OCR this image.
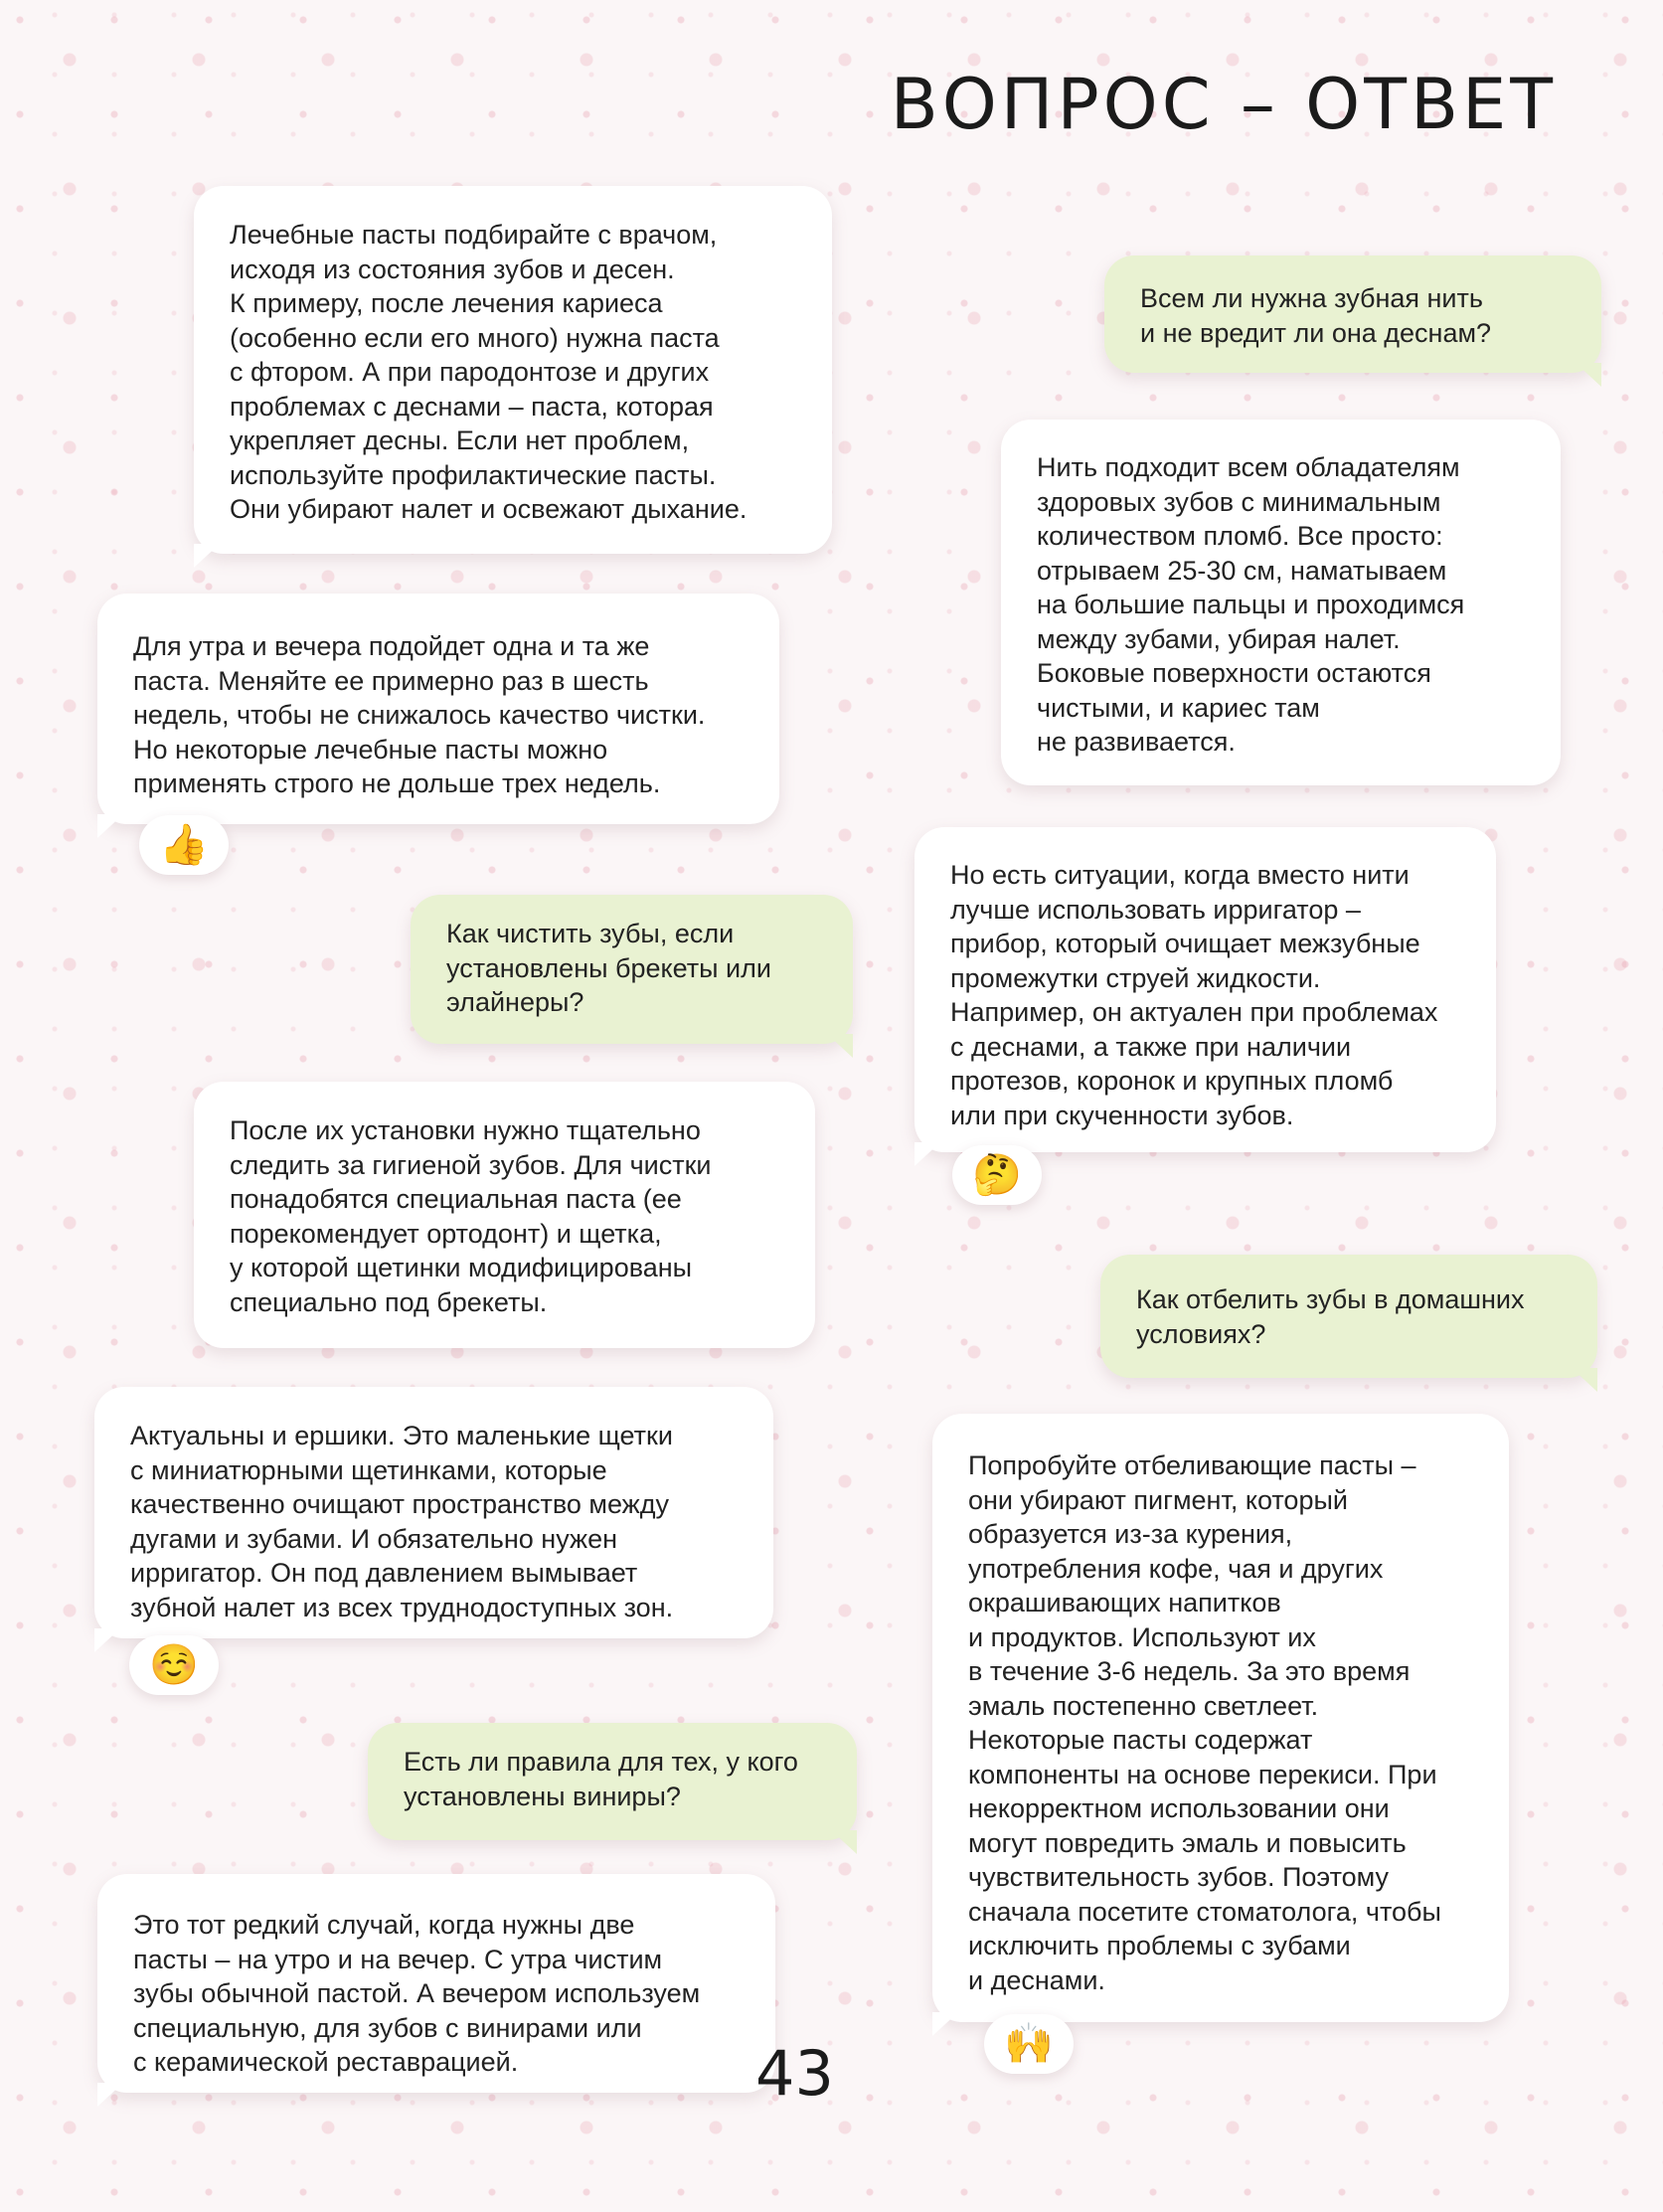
ВОПРОС – ОТВЕТ
Лечебные пасты подбирайте с врачом,
исходя из состояния зубов и десен.
К примеру, после лечения кариеса
(особенно если его много) нужна паста
с фтором. А при пародонтозе и других
проблемах с деснами – паста, которая
укрепляет десны. Если нет проблем,
используйте профилактические пасты.
Они убирают налет и освежают дыхание.
Для утра и вечера подойдет одна и та же
паста. Меняйте ее примерно раз в шесть
недель, чтобы не снижалось качество чистки.
Но некоторые лечебные пасты можно
применять строго не дольше трех недель.
👍
Как чистить зубы, если
установлены брекеты или
элайнеры?
После их установки нужно тщательно
следить за гигиеной зубов. Для чистки
понадобятся специальная паста (ее
порекомендует ортодонт) и щетка,
у которой щетинки модифицированы
специально под брекеты.
Актуальны и ершики. Это маленькие щетки
с миниатюрными щетинками, которые
качественно очищают пространство между
дугами и зубами. И обязательно нужен
ирригатор. Он под давлением вымывает
зубной налет из всех труднодоступных зон.
☺️
Есть ли правила для тех, у кого
установлены виниры?
Это тот редкий случай, когда нужны две
пасты – на утро и на вечер. С утра чистим
зубы обычной пастой. А вечером используем
специальную, для зубов с винирами или
с керамической реставрацией.
Всем ли нужна зубная нить
и не вредит ли она деснам?
Нить подходит всем обладателям
здоровых зубов с минимальным
количеством пломб. Все просто:
отрываем 25-30 см, наматываем
на большие пальцы и проходимся
между зубами, убирая налет.
Боковые поверхности остаются
чистыми, и кариес там
не развивается.
Но есть ситуации, когда вместо нити
лучше использовать ирригатор –
прибор, который очищает межзубные
промежутки струей жидкости.
Например, он актуален при проблемах
с деснами, а также при наличии
протезов, коронок и крупных пломб
или при скученности зубов.
🤔
Как отбелить зубы в домашних
условиях?
Попробуйте отбеливающие пасты –
они убирают пигмент, который
образуется из-за курения,
употребления кофе, чая и других
окрашивающих напитков
и продуктов. Используют их
в течение 3-6 недель. За это время
эмаль постепенно светлеет.
Некоторые пасты содержат
компоненты на основе перекиси. При
некорректном использовании они
могут повредить эмаль и повысить
чувствительность зубов. Поэтому
сначала посетите стоматолога, чтобы
исключить проблемы с зубами
и деснами.
🙌

43
